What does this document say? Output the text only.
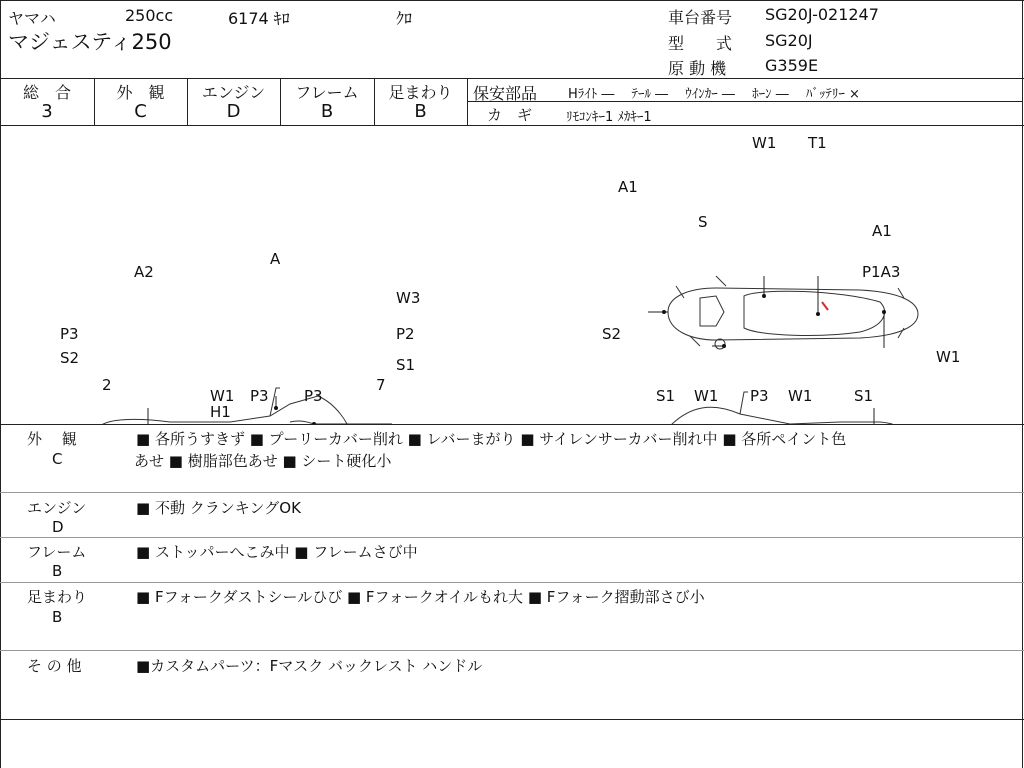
ヤマハ	250cc	6174 ｷﾛ	ｸﾛ
マジェスティ250
車台番号 SG20J-021247
型　　式 SG20J
原 動 機 G359E
総　合
3
外　観
C
エンジン
D
フレーム
B
足まわり
B
保安部品 Hﾗｲﾄ ―　 ﾃｰﾙ ―　 ｳｲﾝｶｰ ―　 ﾎｰﾝ ―　 ﾊﾞｯﾃﾘｰ ×
カ　ギ	ﾘﾓｺﾝｷｰ1 ﾒｶｷｰ1
A1
W1 T1
S	A1
A
A2
W3
P3	P2
S2	S1
2	7
W1
H1
P3 P3
P1A3
S2
W1
S1 W1 P3 W1	S1
外　 観
C
■ 各所うすきず ■ プーリーカバー削れ ■ レバーまがり ■ サイレンサーカバー削れ中 ■ 各所ペイント色
あせ ■ 樹脂部色あせ ■ シート硬化小
エンジン
D
■ 不動 クランキングOK
フレーム
B
■ ストッパーへこみ中 ■ フレームさび中
足まわり
B
■ Fフォークダストシールひび ■ Fフォークオイルもれ大 ■ Fフォーク摺動部さび小
そ の 他	■カスタムパーツ：Fマスク バックレスト ハンドル
